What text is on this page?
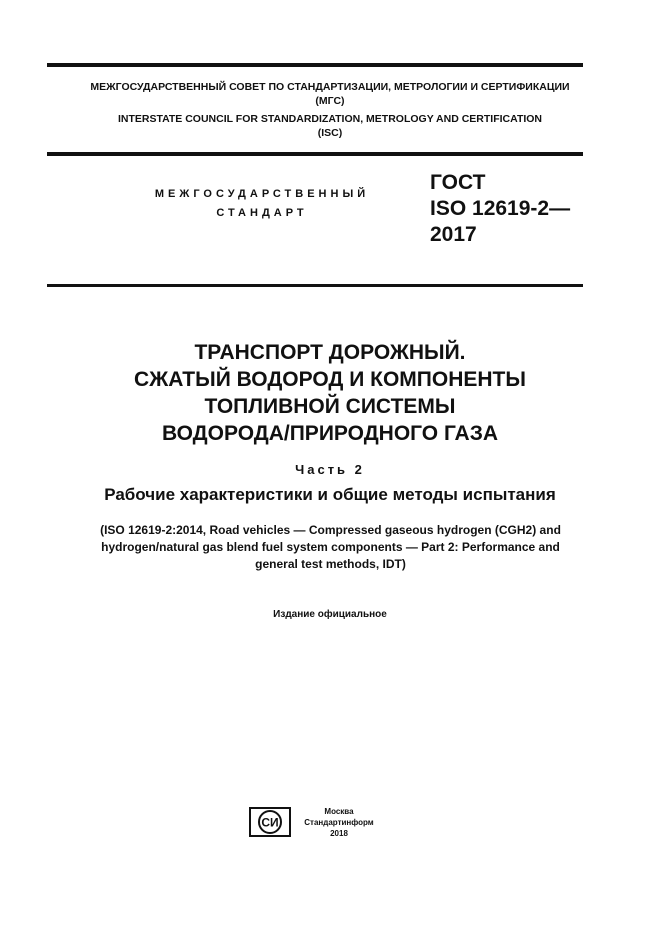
МЕЖГОСУДАРСТВЕННЫЙ СОВЕТ ПО СТАНДАРТИЗАЦИИ, МЕТРОЛОГИИ И СЕРТИФИКАЦИИ
(МГС)
INTERSTATE COUNCIL FOR STANDARDIZATION, METROLOGY AND CERTIFICATION
(ISC)
МЕЖГОСУДАРСТВЕННЫЙ
СТАНДАРТ
ГОСТ
ISO 12619-2—
2017
ТРАНСПОРТ ДОРОЖНЫЙ.
СЖАТЫЙ ВОДОРОД И КОМПОНЕНТЫ
ТОПЛИВНОЙ СИСТЕМЫ
ВОДОРОДА/ПРИРОДНОГО ГАЗА
Часть 2
Рабочие характеристики и общие методы испытания
(ISO 12619-2:2014, Road vehicles — Compressed gaseous hydrogen (CGH2) and
hydrogen/natural gas blend fuel system components — Part 2: Performance and
general test methods, IDT)
Издание официальное
СИ
Москва
Стандартинформ
2018
